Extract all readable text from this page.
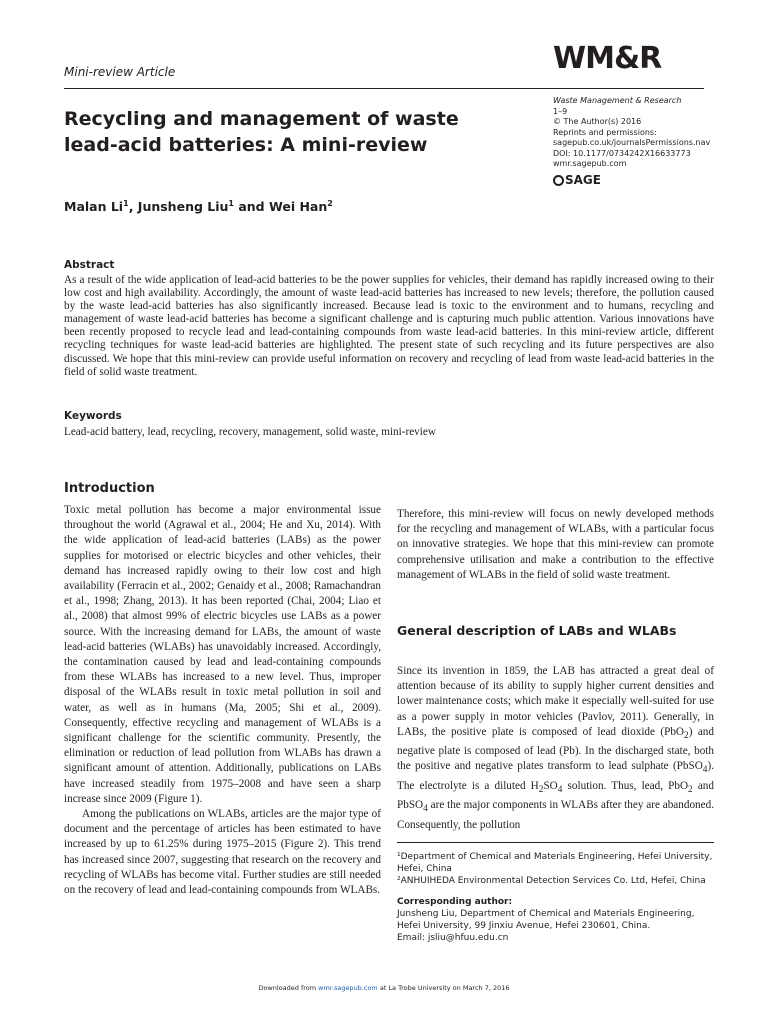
Mini-review Article	WM&R
Recycling and management of waste lead-acid batteries: A mini-review
Waste Management & Research
1–9
© The Author(s) 2016
Reprints and permissions:
sagepub.co.uk/journalsPermissions.nav
DOI: 10.1177/0734242X16633773
wmr.sagepub.com
SAGE
Malan Li$^1$, Junsheng Liu$^1$ and Wei Han$^2$
Abstract
As a result of the wide application of lead-acid batteries to be the power supplies for vehicles, their demand has rapidly increased owing to their low cost and high availability. Accordingly, the amount of waste lead-acid batteries has increased to new levels; therefore, the pollution caused by the waste lead-acid batteries has also significantly increased. Because lead is toxic to the environment and to humans, recycling and management of waste lead-acid batteries has become a significant challenge and is capturing much public attention. Various innovations have been recently proposed to recycle lead and lead-containing compounds from waste lead-acid batteries. In this mini-review article, different recycling techniques for waste lead-acid batteries are highlighted. The present state of such recycling and its future perspectives are also discussed. We hope that this mini-review can provide useful information on recovery and recycling of lead from waste lead-acid batteries in the field of solid waste treatment.
Keywords
Lead-acid battery, lead, recycling, recovery, management, solid waste, mini-review
Introduction

Toxic metal pollution has become a major environmental issue throughout the world (Agrawal et al., 2004; He and Xu, 2014). With the wide application of lead-acid batteries (LABs) as the power supplies for motorised or electric bicycles and other vehicles, their demand has increased rapidly owing to their low cost and high availability (Ferracin et al., 2002; Genaidy et al., 2008; Ramachandran et al., 1998; Zhang, 2013). It has been reported (Chai, 2004; Liao et al., 2008) that almost 99% of electric bicycles use LABs as a power source. With the increasing demand for LABs, the amount of waste lead-acid batteries (WLABs) has unavoidably increased. Accordingly, the contamination caused by lead and lead-containing compounds from these WLABs has increased to a new level. Thus, improper disposal of the WLABs result in toxic metal pollution in soil and water, as well as in humans (Ma, 2005; Shi et al., 2009). Consequently, effective recycling and management of WLABs is a significant challenge for the scientific community. Presently, the elimination or reduction of lead pollution from WLABs has drawn a significant amount of attention. Additionally, publications on LABs have increased steadily from 1975–2008 and have seen a sharp increase since 2009 (Figure 1).

Among the publications on WLABs, articles are the major type of document and the percentage of articles has been estimated to have increased by up to 61.25% during 1975–2015 (Figure 2). This trend has increased since 2007, suggesting that research on the recovery and recycling of WLABs has become vital. Further studies are still needed on the recovery of lead and lead-containing compounds from WLABs.

Therefore, this mini-review will focus on newly developed methods for the recycling and management of WLABs, with a particular focus on innovative strategies. We hope that this mini-review can promote comprehensive utilisation and make a contribution to the effective management of WLABs in the field of solid waste treatment.

General description of LABs and WLABs

Since its invention in 1859, the LAB has attracted a great deal of attention because of its ability to supply higher current densities and lower maintenance costs; which make it especially well-suited for use as a power supply in motor vehicles (Pavlov, 2011). Generally, in LABs, the positive plate is composed of lead dioxide (PbO$_2$) and negative plate is composed of lead (Pb). In the discharged state, both the positive and negative plates transform to lead sulphate (PbSO$_4$). The electrolyte is a diluted $H_2SO_4$ solution. Thus, lead, PbO$_2$ and PbSO$_4$ are the major components in WLABs after they are abandoned. Consequently, the pollution

¹Department of Chemical and Materials Engineering, Hefei University, Hefei, China
²ANHUIHEDA Environmental Detection Services Co. Ltd, Hefei, China
Corresponding author:
Junsheng Liu, Department of Chemical and Materials Engineering,
Hefei University, 99 Jinxiu Avenue, Hefei 230601, China.
Email: jsliu@hfuu.edu.cn
Downloaded from wmr.sagepub.com at La Trobe University on March 7, 2016
